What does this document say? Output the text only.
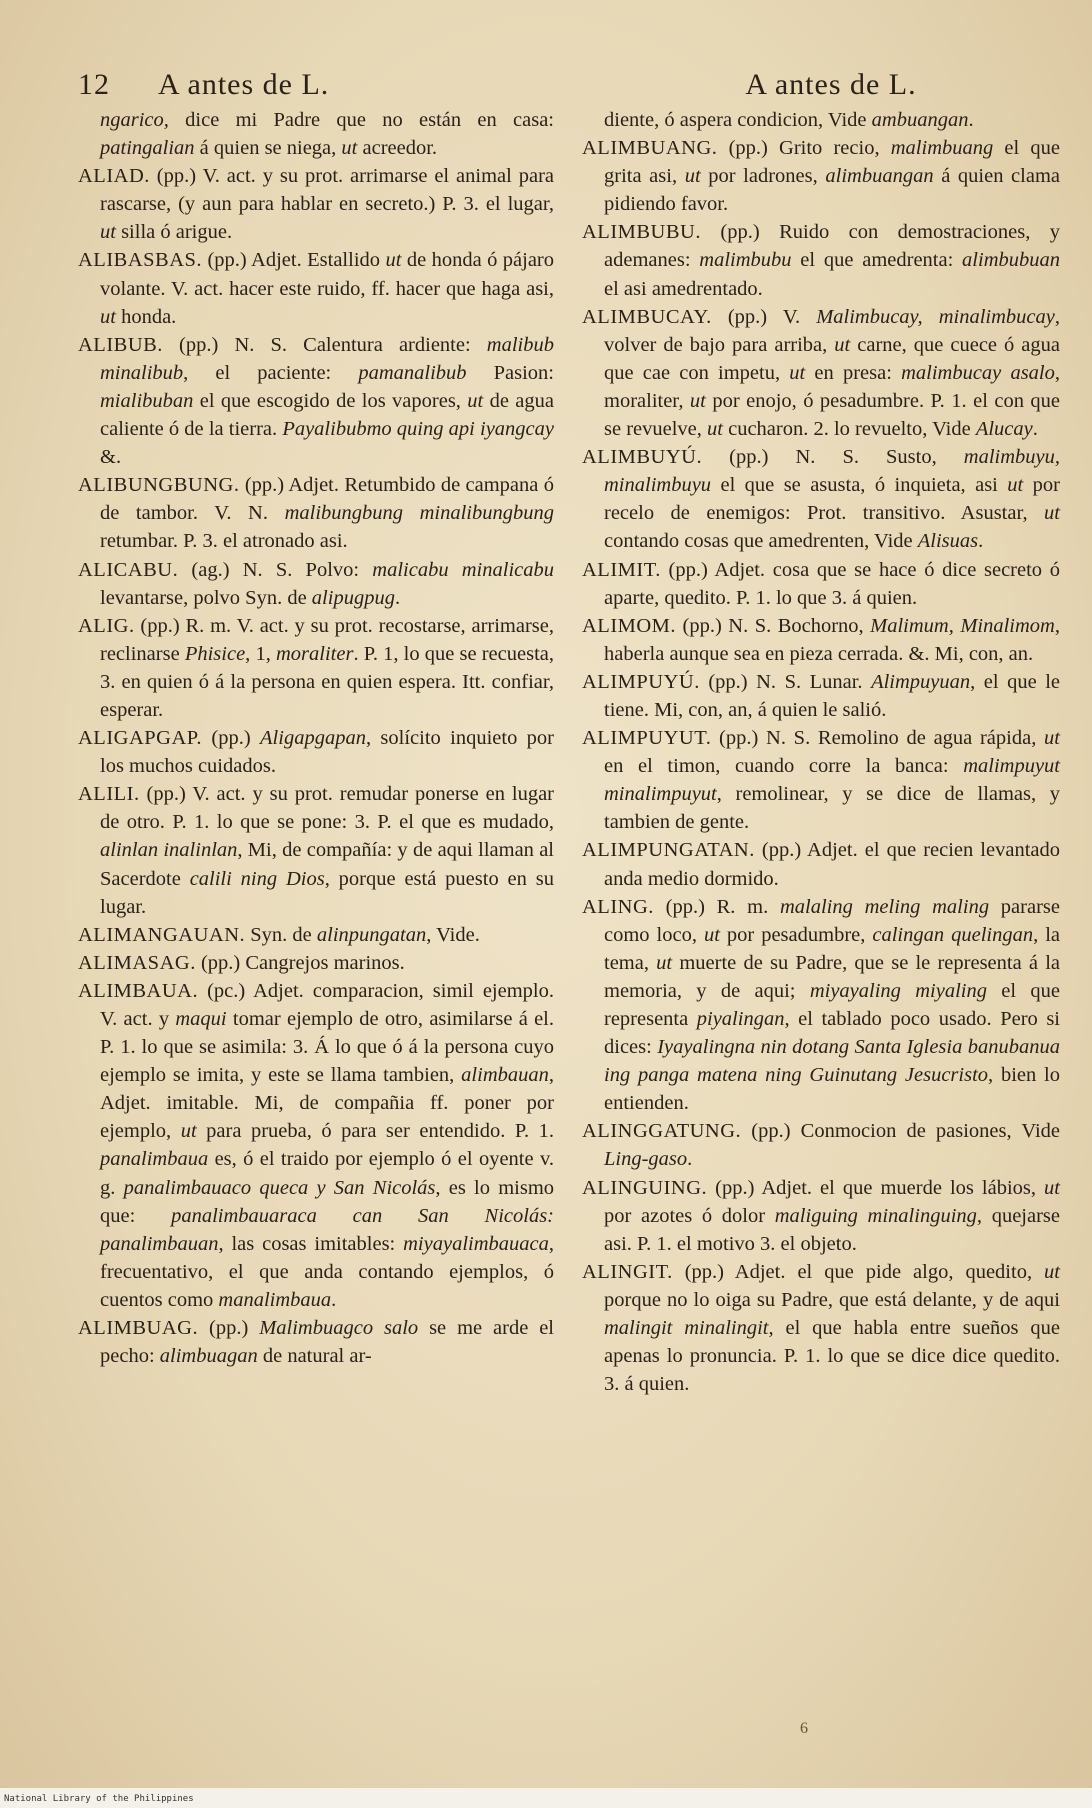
12 A antes de L.

ngarico, dice mi Padre que no están en casa: patingalian á quien se niega, ut acreedor.

ALIAD. (pp.) V. act. y su prot. arrimarse el animal para rascarse, (y aun para hablar en secreto.) P. 3. el lugar, ut silla ó arigue.

ALIBASBAS. (pp.) Adjet. Estallido ut de honda ó pájaro volante. V. act. hacer este ruido, ff. hacer que haga asi, ut honda.

ALIBUB. (pp.) N. S. Calentura ardiente: malibub minalibub, el paciente: pamanalibub Pasion: mialibuban el que escogido de los vapores, ut de agua caliente ó de la tierra. Payalibubmo quing api iyangcay &.

ALIBUNGBUNG. (pp.) Adjet. Retumbido de campana ó de tambor. V. N. malibungbung minalibungbung retumbar. P. 3. el atronado asi.

ALICABU. (ag.) N. S. Polvo: malicabu minalicabu levantarse, polvo Syn. de alipugpug.

ALIG. (pp.) R. m. V. act. y su prot. recostarse, arrimarse, reclinarse Phisice, 1, moraliter. P. 1, lo que se recuesta, 3. en quien ó á la persona en quien espera. Itt. confiar, esperar.

ALIGAPGAP. (pp.) Aligapgapan, solícito inquieto por los muchos cuidados.

ALILI. (pp.) V. act. y su prot. remudar ponerse en lugar de otro. P. 1. lo que se pone: 3. P. el que es mudado, alinlan inalinlan, Mi, de compañía: y de aqui llaman al Sacerdote calili ning Dios, porque está puesto en su lugar.

ALIMANGAUAN. Syn. de alinpungatan, Vide.

ALIMASAG. (pp.) Cangrejos marinos.

ALIMBAUA. (pc.) Adjet. comparacion, simil ejemplo. V. act. y maqui tomar ejemplo de otro, asimilarse á el. P. 1. lo que se asimila: 3. Á lo que ó á la persona cuyo ejemplo se imita, y este se llama tambien, alimbauan, Adjet. imitable. Mi, de compañia ff. poner por ejemplo, ut para prueba, ó para ser entendido. P. 1. panalimbaua es, ó el traido por ejemplo ó el oyente v. g. panalimbauaco queca y San Nicolás, es lo mismo que: panalimbauaraca can San Nicolás: panalimbauan, las cosas imitables: miyayalimbauaca, frecuentativo, el que anda contando ejemplos, ó cuentos como manalimbaua.

ALIMBUAG. (pp.) Malimbuagco salo se me arde el pecho: alimbuagan de natural ar-

A antes de L.

diente, ó aspera condicion, Vide ambuangan.

ALIMBUANG. (pp.) Grito recio, malimbuang el que grita asi, ut por ladrones, alimbuangan á quien clama pidiendo favor.

ALIMBUBU. (pp.) Ruido con demostraciones, y ademanes: malimbubu el que amedrenta: alimbubuan el asi amedrentado.

ALIMBUCAY. (pp.) V. Malimbucay, minalimbucay, volver de bajo para arriba, ut carne, que cuece ó agua que cae con impetu, ut en presa: malimbucay asalo, moraliter, ut por enojo, ó pesadumbre. P. 1. el con que se revuelve, ut cucharon. 2. lo revuelto, Vide Alucay.

ALIMBUYÚ. (pp.) N. S. Susto, malimbuyu, minalimbuyu el que se asusta, ó inquieta, asi ut por recelo de enemigos: Prot. transitivo. Asustar, ut contando cosas que amedrenten, Vide Alisuas.

ALIMIT. (pp.) Adjet. cosa que se hace ó dice secreto ó aparte, quedito. P. 1. lo que 3. á quien.

ALIMOM. (pp.) N. S. Bochorno, Malimum, Minalimom, haberla aunque sea en pieza cerrada. &. Mi, con, an.

ALIMPUYÚ. (pp.) N. S. Lunar. Alimpuyuan, el que le tiene. Mi, con, an, á quien le salió.

ALIMPUYUT. (pp.) N. S. Remolino de agua rápida, ut en el timon, cuando corre la banca: malimpuyut minalimpuyut, remolinear, y se dice de llamas, y tambien de gente.

ALIMPUNGATAN. (pp.) Adjet. el que recien levantado anda medio dormido.

ALING. (pp.) R. m. malaling meling maling pararse como loco, ut por pesadumbre, calingan quelingan, la tema, ut muerte de su Padre, que se le representa á la memoria, y de aqui; miyayaling miyaling el que representa piyalingan, el tablado poco usado. Pero si dices: Iyayalingna nin dotang Santa Iglesia banubanua ing panga matena ning Guinutang Jesucristo, bien lo entienden.

ALINGGATUNG. (pp.) Conmocion de pasiones, Vide Ling-gaso.

ALINGUING. (pp.) Adjet. el que muerde los lábios, ut por azotes ó dolor maliguing minalinguing, quejarse asi. P. 1. el motivo 3. el objeto.

ALINGIT. (pp.) Adjet. el que pide algo, quedito, ut porque no lo oiga su Padre, que está delante, y de aqui malingit minalingit, el que habla entre sueños que apenas lo pronuncia. P. 1. lo que se dice dice quedito. 3. á quien.

6
National Library of the Philippines
